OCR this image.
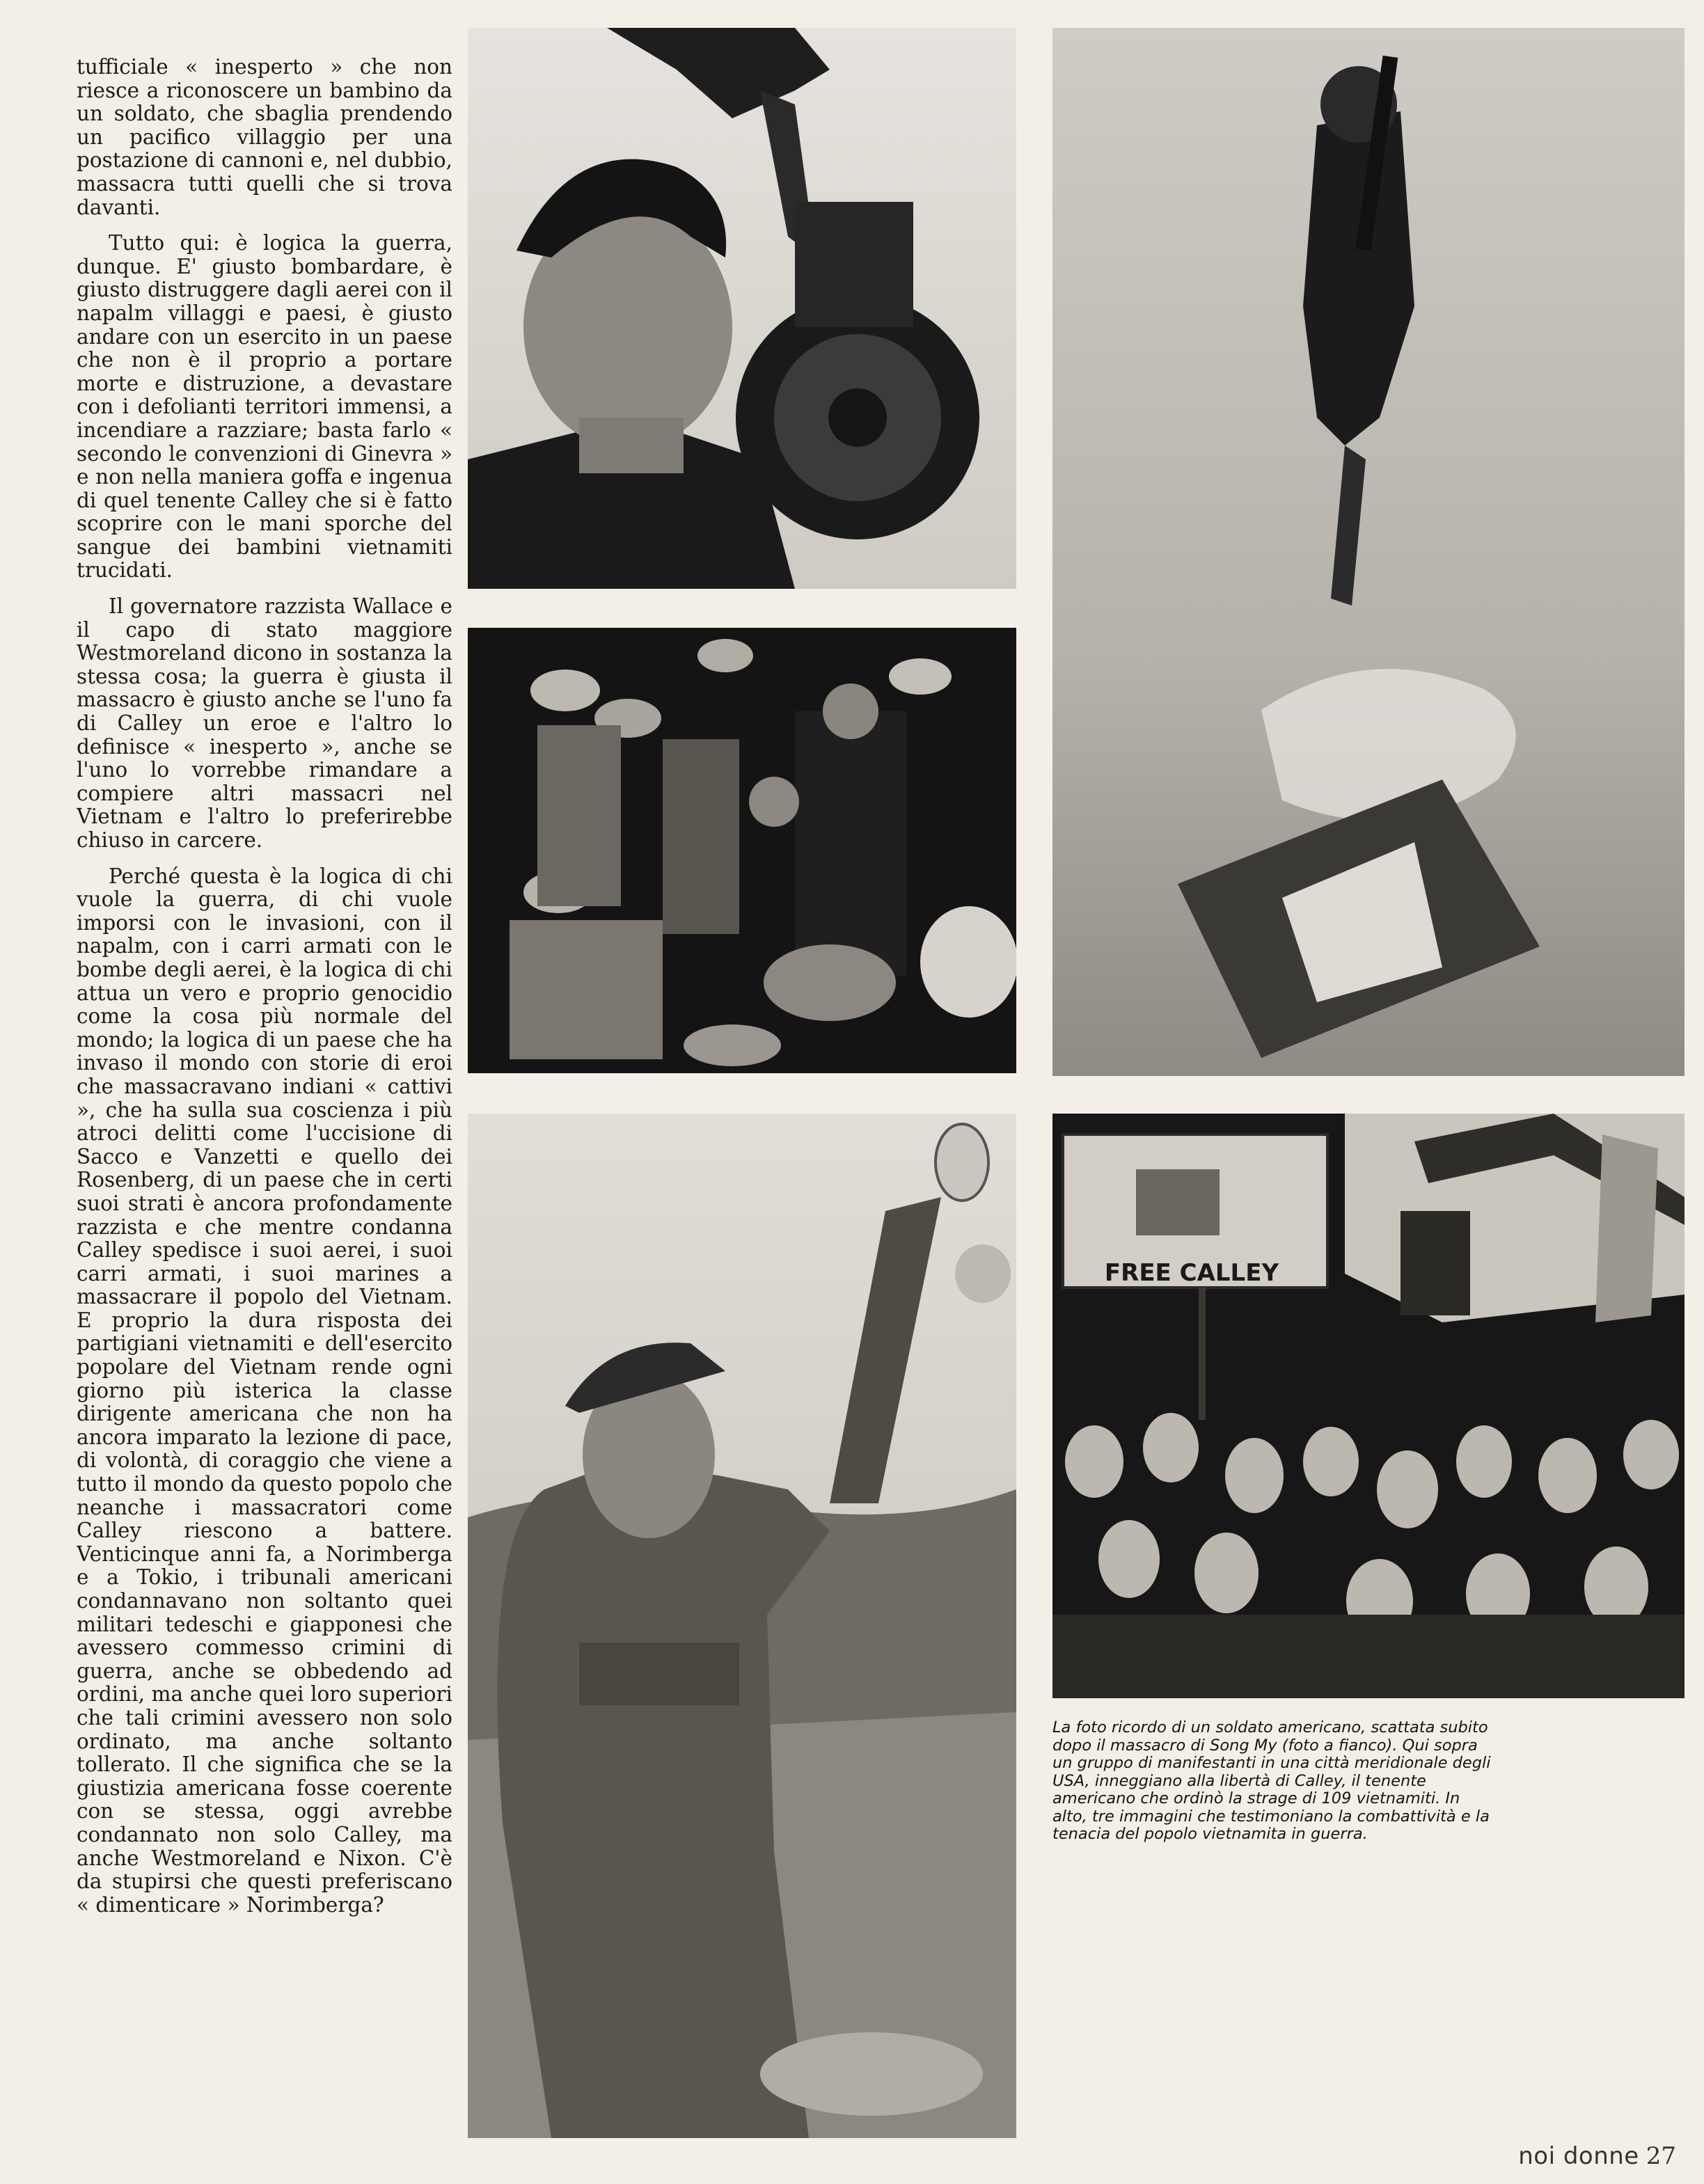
tufficiale « inesperto » che non riesce a riconoscere un bambino da un soldato, che sbaglia prendendo un pacifico villaggio per una postazione di cannoni e, nel dubbio, massacra tutti quelli che si trova davanti.

Tutto qui: è logica la guerra, dunque. E' giusto bombardare, è giusto distruggere dagli aerei con il napalm villaggi e paesi, è giusto andare con un esercito in un paese che non è il proprio a portare morte e distruzione, a devastare con i defolianti territori immensi, a incendiare a razziare; basta farlo « secondo le convenzioni di Ginevra » e non nella maniera goffa e ingenua di quel tenente Calley che si è fatto scoprire con le mani sporche del sangue dei bambini vietnamiti trucidati.

Il governatore razzista Wallace e il capo di stato maggiore Westmoreland dicono in sostanza la stessa cosa; la guerra è giusta il massacro è giusto anche se l'uno fa di Calley un eroe e l'altro lo definisce « inesperto », anche se l'uno lo vorrebbe rimandare a compiere altri massacri nel Vietnam e l'altro lo preferirebbe chiuso in carcere.

Perché questa è la logica di chi vuole la guerra, di chi vuole imporsi con le invasioni, con il napalm, con i carri armati con le bombe degli aerei, è la logica di chi attua un vero e proprio genocidio come la cosa più normale del mondo; la logica di un paese che ha invaso il mondo con storie di eroi che massacravano indiani « cattivi », che ha sulla sua coscienza i più atroci delitti come l'uccisione di Sacco e Vanzetti e quello dei Rosenberg, di un paese che in certi suoi strati è ancora profondamente razzista e che mentre condanna Calley spedisce i suoi aerei, i suoi carri armati, i suoi marines a massacrare il popolo del Vietnam. E proprio la dura risposta dei partigiani vietnamiti e dell'esercito popolare del Vietnam rende ogni giorno più isterica la classe dirigente americana che non ha ancora imparato la lezione di pace, di volontà, di coraggio che viene a tutto il mondo da questo popolo che neanche i massacratori come Calley riescono a battere. Venticinque anni fa, a Norimberga e a Tokio, i tribunali americani condannavano non soltanto quei militari tedeschi e giapponesi che avessero commesso crimini di guerra, anche se obbedendo ad ordini, ma anche quei loro superiori che tali crimini avessero non solo ordinato, ma anche soltanto tollerato. Il che significa che se la giustizia americana fosse coerente con se stessa, oggi avrebbe condannato non solo Calley, ma anche Westmoreland e Nixon. C'è da stupirsi che questi preferiscano « dimenticare » Norimberga?

FREE CALLEY
La foto ricordo di un soldato americano, scattata subito dopo il massacro di Song My (foto a fianco). Qui sopra un gruppo di manifestanti in una città meridionale degli USA, inneggiano alla libertà di Calley, il tenente americano che ordinò la strage di 109 vietnamiti. In alto, tre immagini che testimoniano la combattività e la tenacia del popolo vietnamita in guerra.
noi donne 27
